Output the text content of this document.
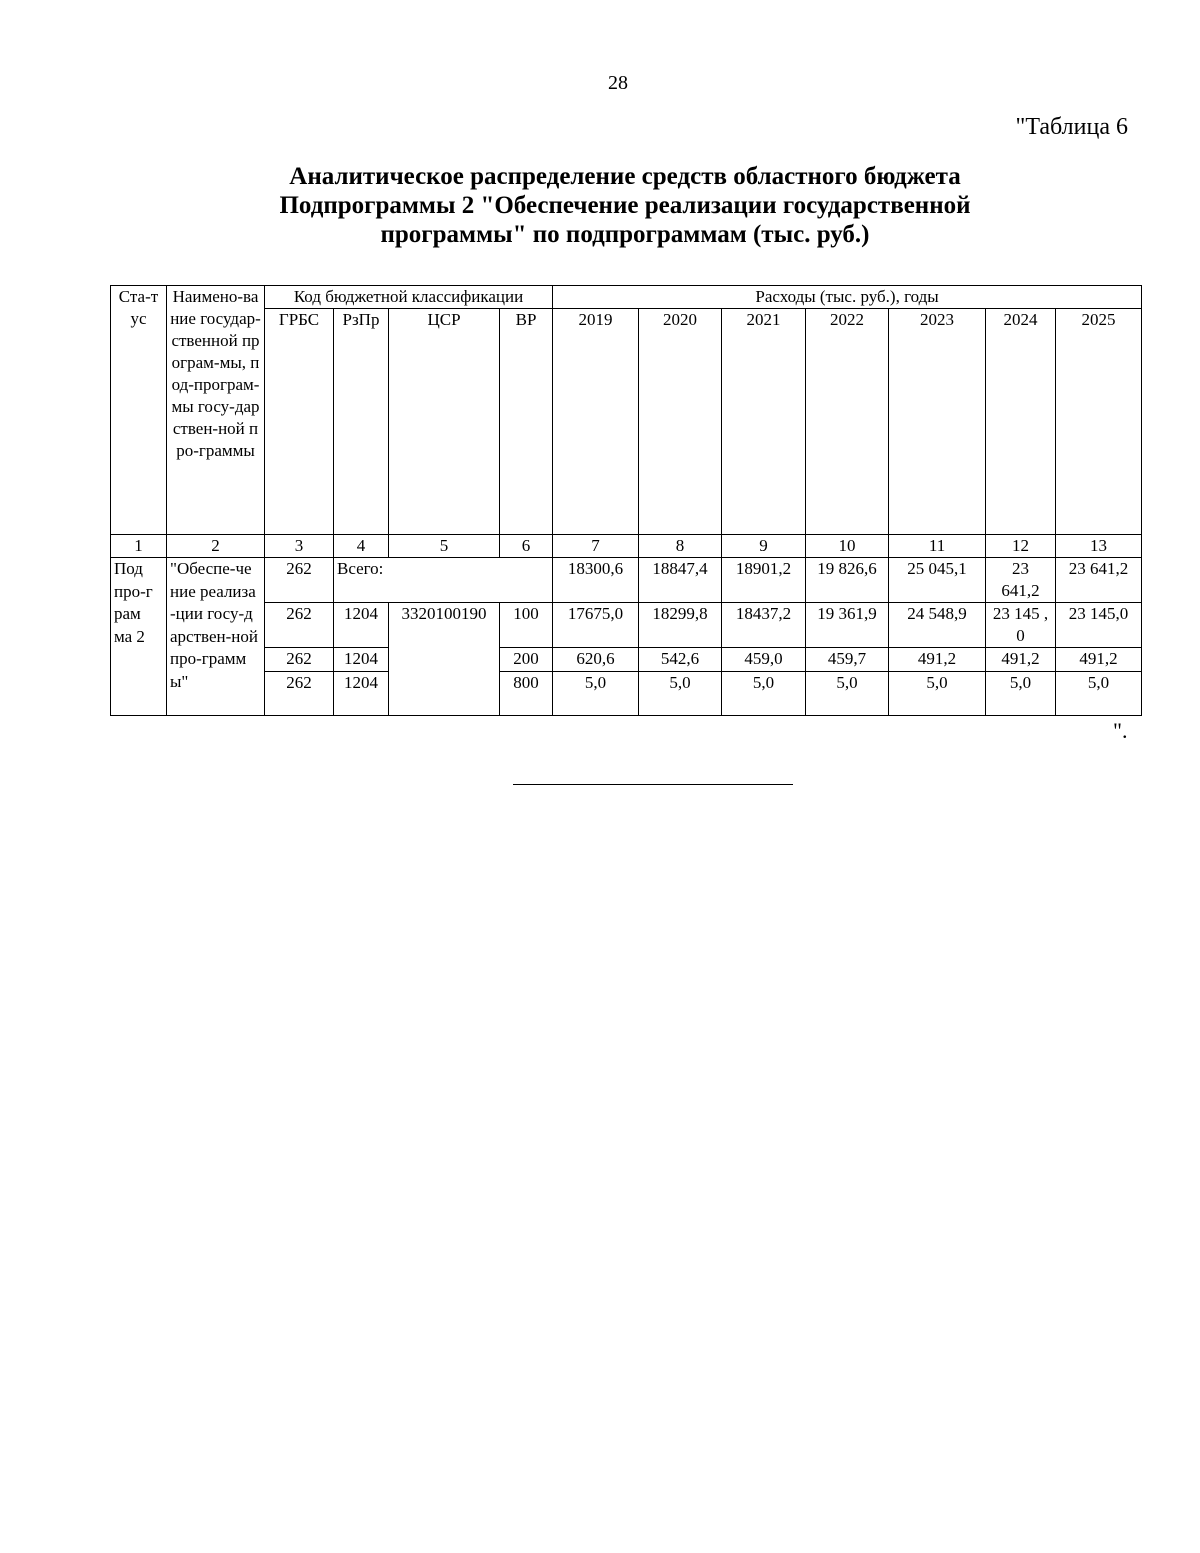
28
"Таблица 6
Аналитическое распределение средств областного бюджета
Подпрограммы 2 "Обеспечение реализации государственной
программы" по подпрограммам (тыс. руб.)
Ста-тус	Наимено-вание государ-ственной програм-мы, под-програм-мы госу-дарствен-ной про-граммы	Код бюджетной классификации				Расходы (тыс. руб.), годы						
		ГРБС	РзПр	ЦСР	ВР	2019	2020	2021	2022	2023	2024	2025
1	2	3	4	5	6	7	8	9	10	11	12	13

Под про-грам ма 2	"Обеспе-чение реализа-ции госу-дарствен-ной про-граммы"	262	Всего:			18300,6	18847,4	18901,2	19 826,6	25 045,1	23 641,2	23 641,2
		262	1204	3320100190	100	17675,0	18299,8	18437,2	19 361,9	24 548,9	23 145 ,0	23 145,0
		262	1204		200	620,6	542,6	459,0	459,7	491,2	491,2	491,2
		262	1204		800	5,0	5,0	5,0	5,0	5,0	5,0	5,0
".
